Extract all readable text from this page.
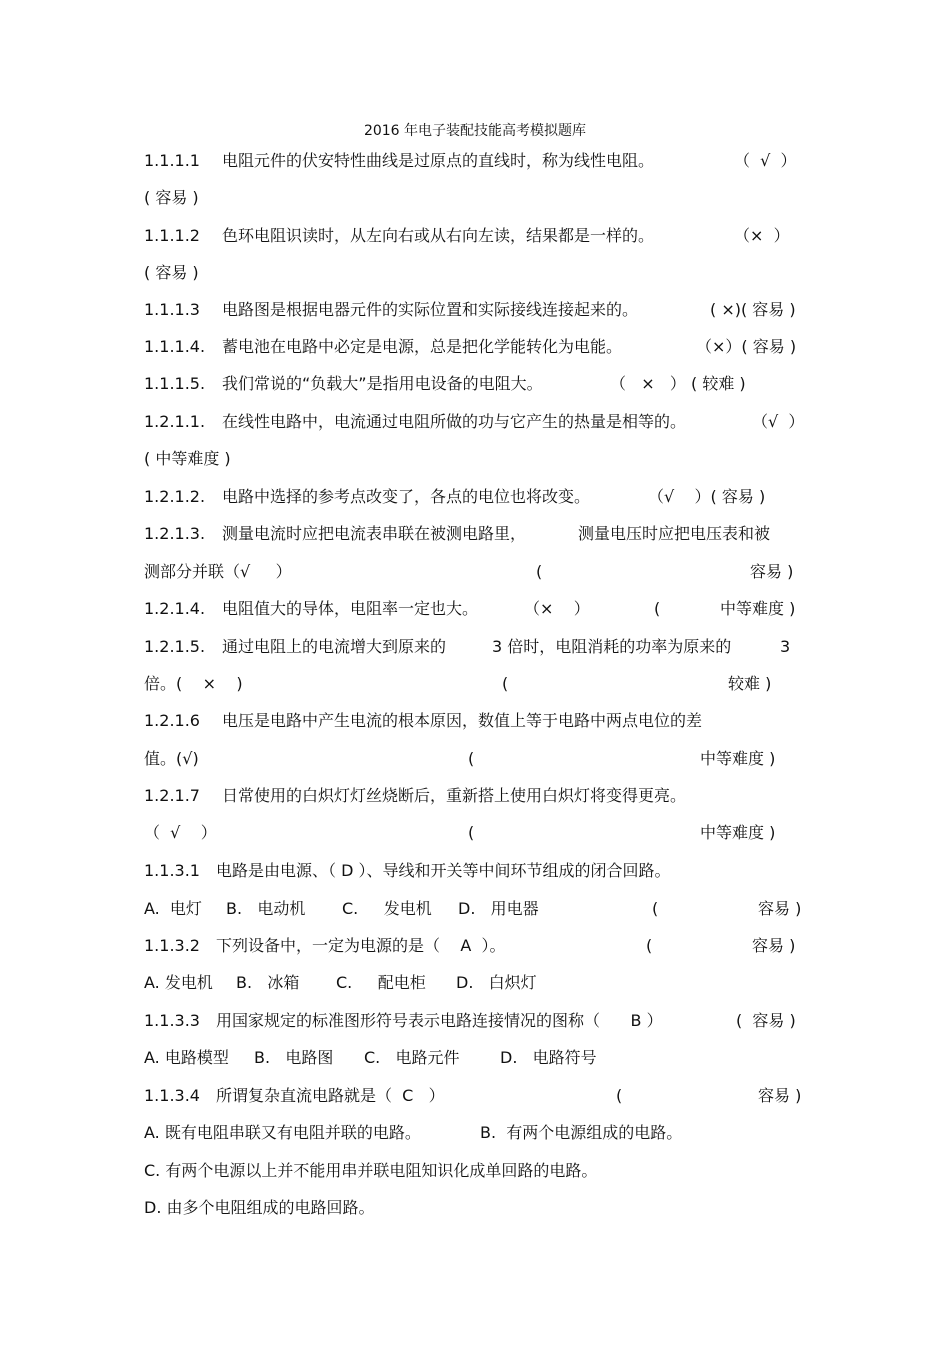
2016 年电子装配技能高考模拟题库

1.1.1.1

电阻元件的伏安特性曲线是过原点的直线时，称为线性电阻。

	（  √  ）

( 容易 )

1.1.1.2

色环电阻识读时，从左向右或从右向左读，结果都是一样的。

	（×  ）

( 容易 )

1.1.1.3

电路图是根据电器元件的实际位置和实际接线连接起来的。

	( ×)( 容易 )

1.1.1.4.

蓄电池在电路中必定是电源，总是把化学能转化为电能。

	（×）( 容易 )

1.1.1.5.

我们常说的“负载大”是指用电设备的电阻大。

	（   ×   ） ( 较难 )

1.2.1.1.

在线性电路中，电流通过电阻所做的功与它产生的热量是相等的。

	（√  ）

( 中等难度 )

1.2.1.2.

电路中选择的参考点改变了，各点的电位也将改变。

	（√    ）( 容易 )

1.2.1.3.

测量电流时应把电流表串联在被测电路里，

	测量电压时应把电压表和被

测部分并联（√     ）

	(

	容易 )

1.2.1.4.

电阻值大的导体，电阻率一定也大。

	（×    ）

	(

	中等难度 )

1.2.1.5.

通过电阻上的电流增大到原来的

	3 倍时，电阻消耗的功率为原来的

	3

倍。(    ×    )

	(

	较难 )

1.2.1.6

电压是电路中产生电流的根本原因，数值上等于电路中两点电位的差

值。(√)

	(

	中等难度 )

1.2.1.7

日常使用的白炽灯灯丝烧断后，重新搭上使用白炽灯将变得更亮。

（  √    ）

	(

	中等难度 )

1.1.3.1

电路是由电源、（ D ）、导线和开关等中间环节组成的闭合回路。

A.  电灯

B.   电动机

C.     发电机

D.   用电器

	(

	容易 )

1.1.3.2

下列设备中，一定为电源的是（    A  ）。

	(

	容易 )

A. 发电机

B.   冰箱

C.     配电柜

D.   白炽灯

1.1.3.3

用国家规定的标准图形符号表示电路连接情况的图称（      B ）

	(  容易 )

A. 电路模型

B.   电路图

C.   电路元件

	D.   电路符号

1.1.3.4

所谓复杂直流电路就是（  C   ）

	(

	容易 )

A. 既有电阻串联又有电阻并联的电路。

	B.  有两个电源组成的电路。

C. 有两个电源以上并不能用串并联电阻知识化成单回路的电路。

D. 由多个电阻组成的电路回路。
